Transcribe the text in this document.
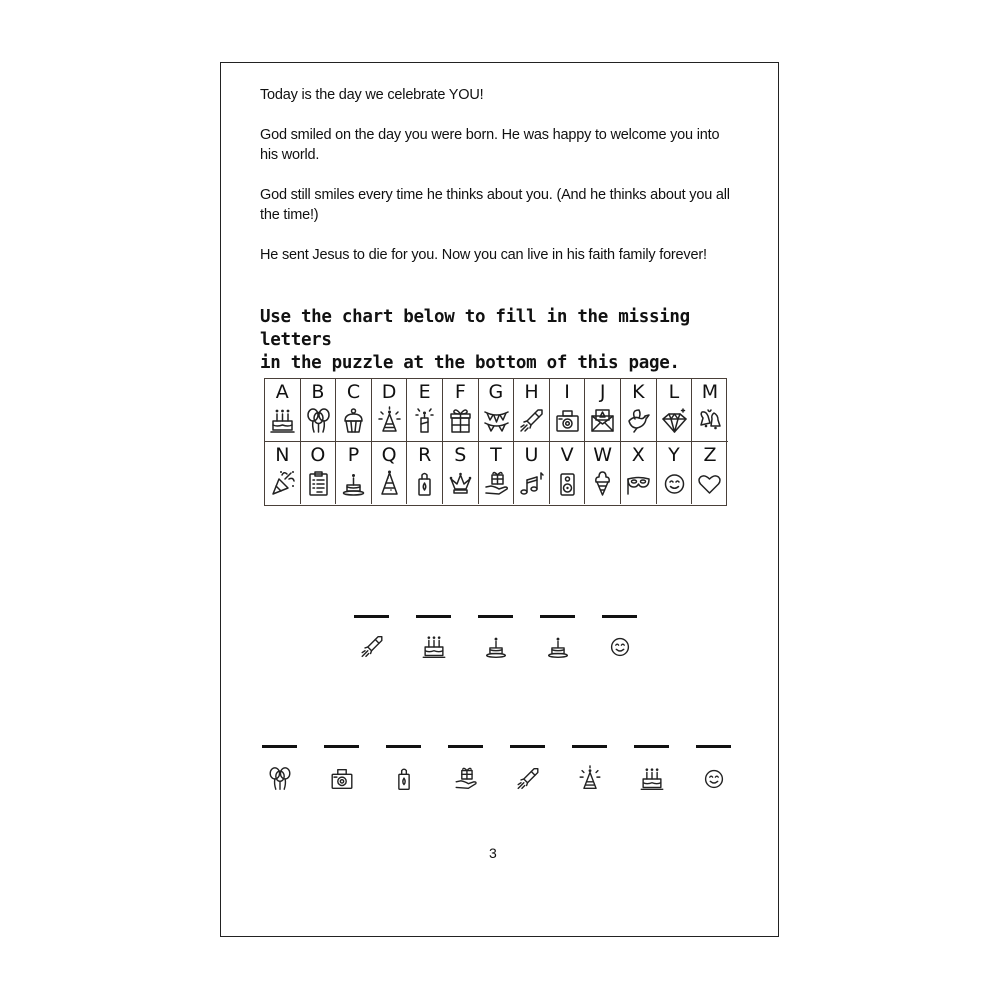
Today is the day we celebrate YOU!

God smiled on the day you were born. He was happy to welcome you into his world.

God still smiles every time he thinks about you. (And he thinks about you all the time!)

He sent Jesus to die for you. Now you can live in his faith family forever!

Use the chart below to fill in the missing letters
in the puzzle at the bottom of this page.
A	B	C	D	E	F	G	H	I	J	K	L	M
N	O	P	Q	R	S	T	U	V	W	X	Y	Z
3
